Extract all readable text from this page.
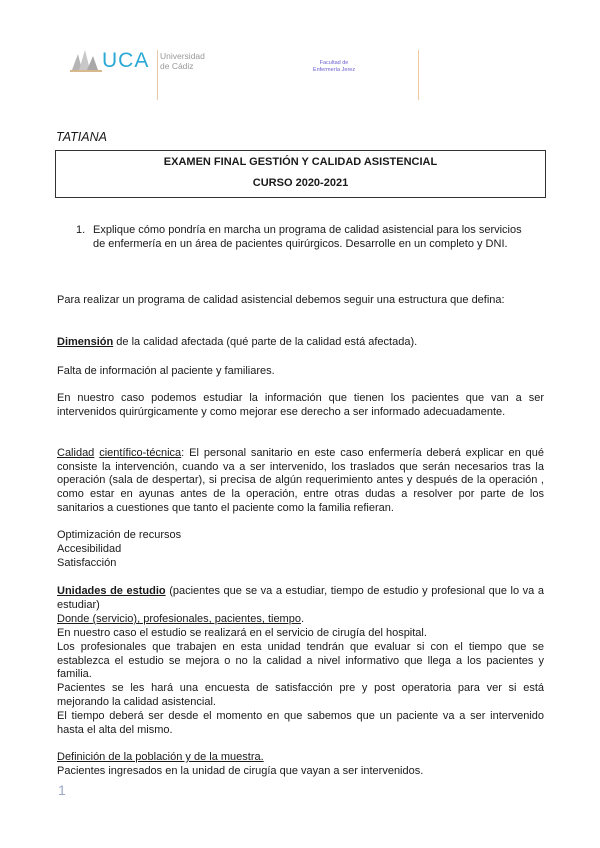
UCA Universidad
de Cádiz	Facultad de
Enfermería Jerez
TATIANA
EXAMEN FINAL GESTIÓN Y CALIDAD ASISTENCIAL
CURSO 2020-2021
1. Explique cómo pondría en marcha un programa de calidad asistencial para los servicios de enfermería en un área de pacientes quirúrgicos. Desarrolle en un completo y DNI.
Para realizar un programa de calidad asistencial debemos seguir una estructura que defina:
Dimensión de la calidad afectada (qué parte de la calidad está afectada).
Falta de información al paciente y familiares.
En nuestro caso podemos estudiar la información que tienen los pacientes que van a ser intervenidos quirúrgicamente y como mejorar ese derecho a ser informado adecuadamente.
Calidad científico-técnica: El personal sanitario en este caso enfermería deberá explicar en qué consiste la intervención, cuando va a ser intervenido, los traslados que serán necesarios tras la operación (sala de despertar), si precisa de algún requerimiento antes y después de la operación , como estar en ayunas antes de la operación, entre otras dudas a resolver por parte de los sanitarios a cuestiones que tanto el paciente como la familia refieran.
Optimización de recursos
Accesibilidad
Satisfacción
Unidades de estudio (pacientes que se va a estudiar, tiempo de estudio y profesional que lo va a estudiar)
Donde (servicio), profesionales, pacientes, tiempo.
En nuestro caso el estudio se realizará en el servicio de cirugía del hospital.
Los profesionales que trabajen en esta unidad tendrán que evaluar si con el tiempo que se establezca el estudio se mejora o no la calidad a nivel informativo que llega a los pacientes y familia.
Pacientes se les hará una encuesta de satisfacción pre y post operatoria para ver si está mejorando la calidad asistencial.
El tiempo deberá ser desde el momento en que sabemos que un paciente va a ser intervenido hasta el alta del mismo.
Definición de la población y de la muestra.
Pacientes ingresados en la unidad de cirugía que vayan a ser intervenidos.
1
